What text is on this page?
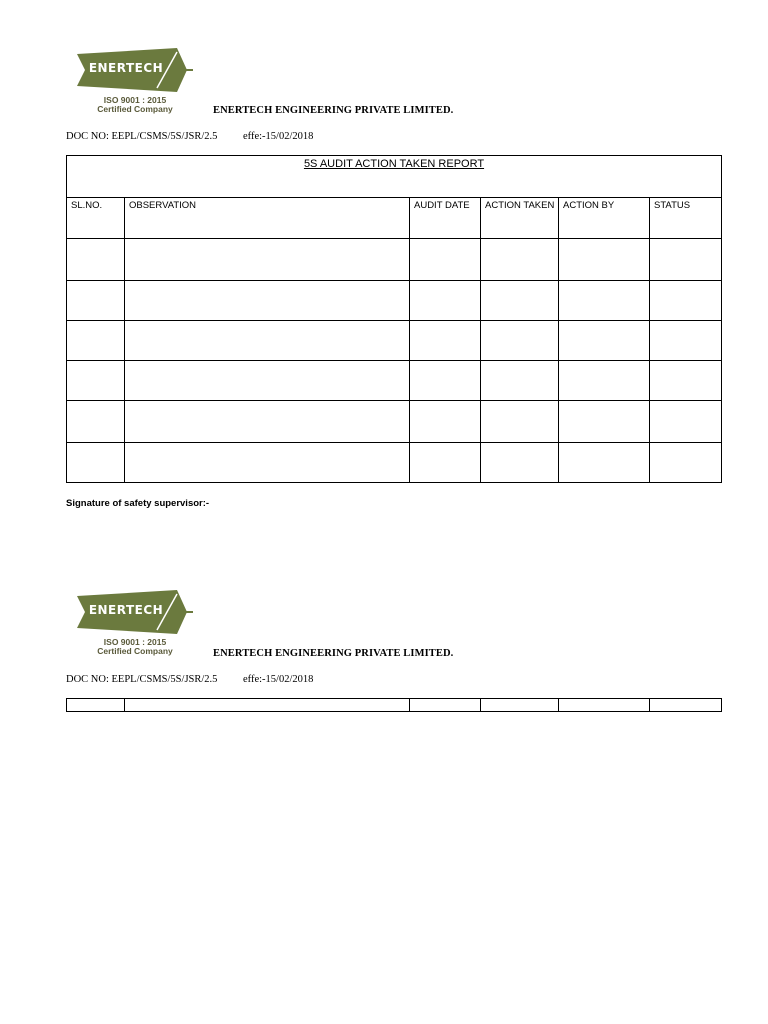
ENERTECH
ISO 9001 : 2015
Certified Company	ENERTECH ENGINEERING PRIVATE LIMITED.
DOC NO: EEPL/CSMS/5S/JSR/2.5 effe:-15/02/2018
5S AUDIT ACTION TAKEN REPORT					
SL.NO.	OBSERVATION	AUDIT DATE	ACTION TAKEN	ACTION BY	STATUS

Signature of safety supervisor:-
ENERTECH
ISO 9001 : 2015
Certified Company	ENERTECH ENGINEERING PRIVATE LIMITED.
DOC NO: EEPL/CSMS/5S/JSR/2.5 effe:-15/02/2018
